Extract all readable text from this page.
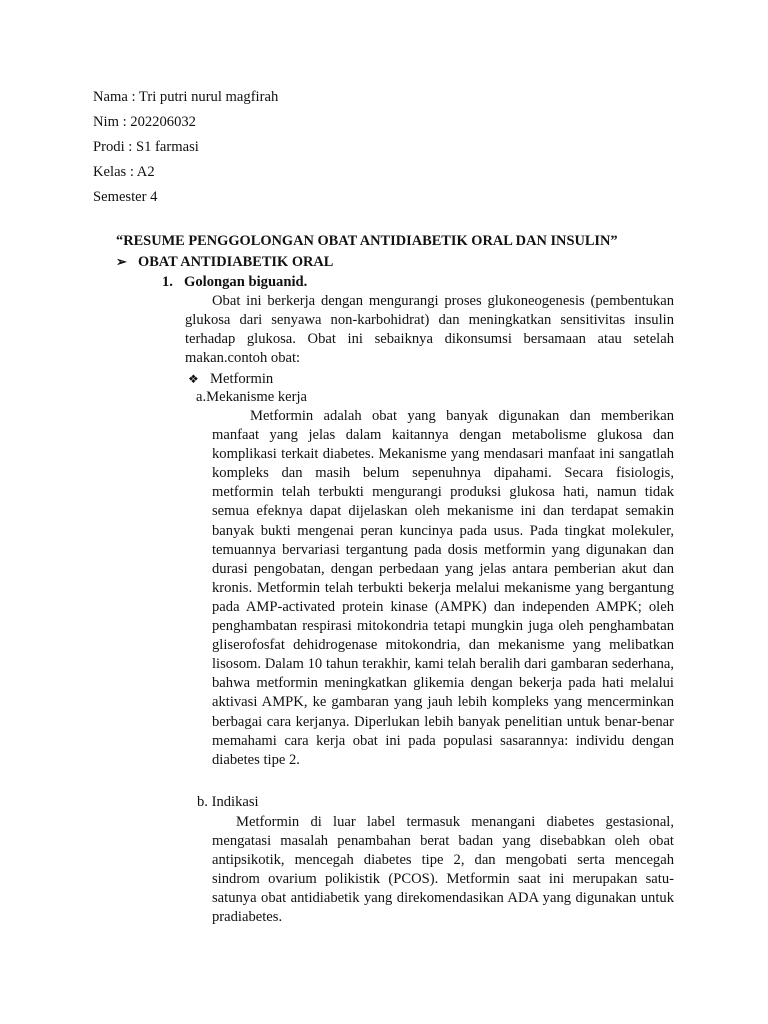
Nama : Tri putri nurul magfirah
Nim : 202206032
Prodi : S1 farmasi
Kelas : A2
Semester 4
“RESUME PENGGOLONGAN OBAT ANTIDIABETIK ORAL DAN INSULIN”
➢ OBAT ANTIDIABETIK ORAL
1. Golongan biguanid.

Obat ini berkerja dengan mengurangi proses glukoneogenesis (pembentukan glukosa dari senyawa non-karbohidrat) dan meningkatkan sensitivitas insulin terhadap glukosa. Obat ini sebaiknya dikonsumsi bersamaan atau setelah makan.contoh obat:

❖ Metformin
a.Mekanisme kerja

Metformin adalah obat yang banyak digunakan dan memberikan manfaat yang jelas dalam kaitannya dengan metabolisme glukosa dan komplikasi terkait diabetes. Mekanisme yang mendasari manfaat ini sangatlah kompleks dan masih belum sepenuhnya dipahami. Secara fisiologis, metformin telah terbukti mengurangi produksi glukosa hati, namun tidak semua efeknya dapat dijelaskan oleh mekanisme ini dan terdapat semakin banyak bukti mengenai peran kuncinya pada usus. Pada tingkat molekuler, temuannya bervariasi tergantung pada dosis metformin yang digunakan dan durasi pengobatan, dengan perbedaan yang jelas antara pemberian akut dan kronis. Metformin telah terbukti bekerja melalui mekanisme yang bergantung pada AMP-activated protein kinase (AMPK) dan independen AMPK; oleh penghambatan respirasi mitokondria tetapi mungkin juga oleh penghambatan gliserofosfat dehidrogenase mitokondria, dan mekanisme yang melibatkan lisosom. Dalam 10 tahun terakhir, kami telah beralih dari gambaran sederhana, bahwa metformin meningkatkan glikemia dengan bekerja pada hati melalui aktivasi AMPK, ke gambaran yang jauh lebih kompleks yang mencerminkan berbagai cara kerjanya. Diperlukan lebih banyak penelitian untuk benar-benar memahami cara kerja obat ini pada populasi sasarannya: individu dengan diabetes tipe 2.

b. Indikasi

Metformin di luar label termasuk menangani diabetes gestasional, mengatasi masalah penambahan berat badan yang disebabkan oleh obat antipsikotik, mencegah diabetes tipe 2, dan mengobati serta mencegah sindrom ovarium polikistik (PCOS). Metformin saat ini merupakan satu-satunya obat antidiabetik yang direkomendasikan ADA yang digunakan untuk pradiabetes.
